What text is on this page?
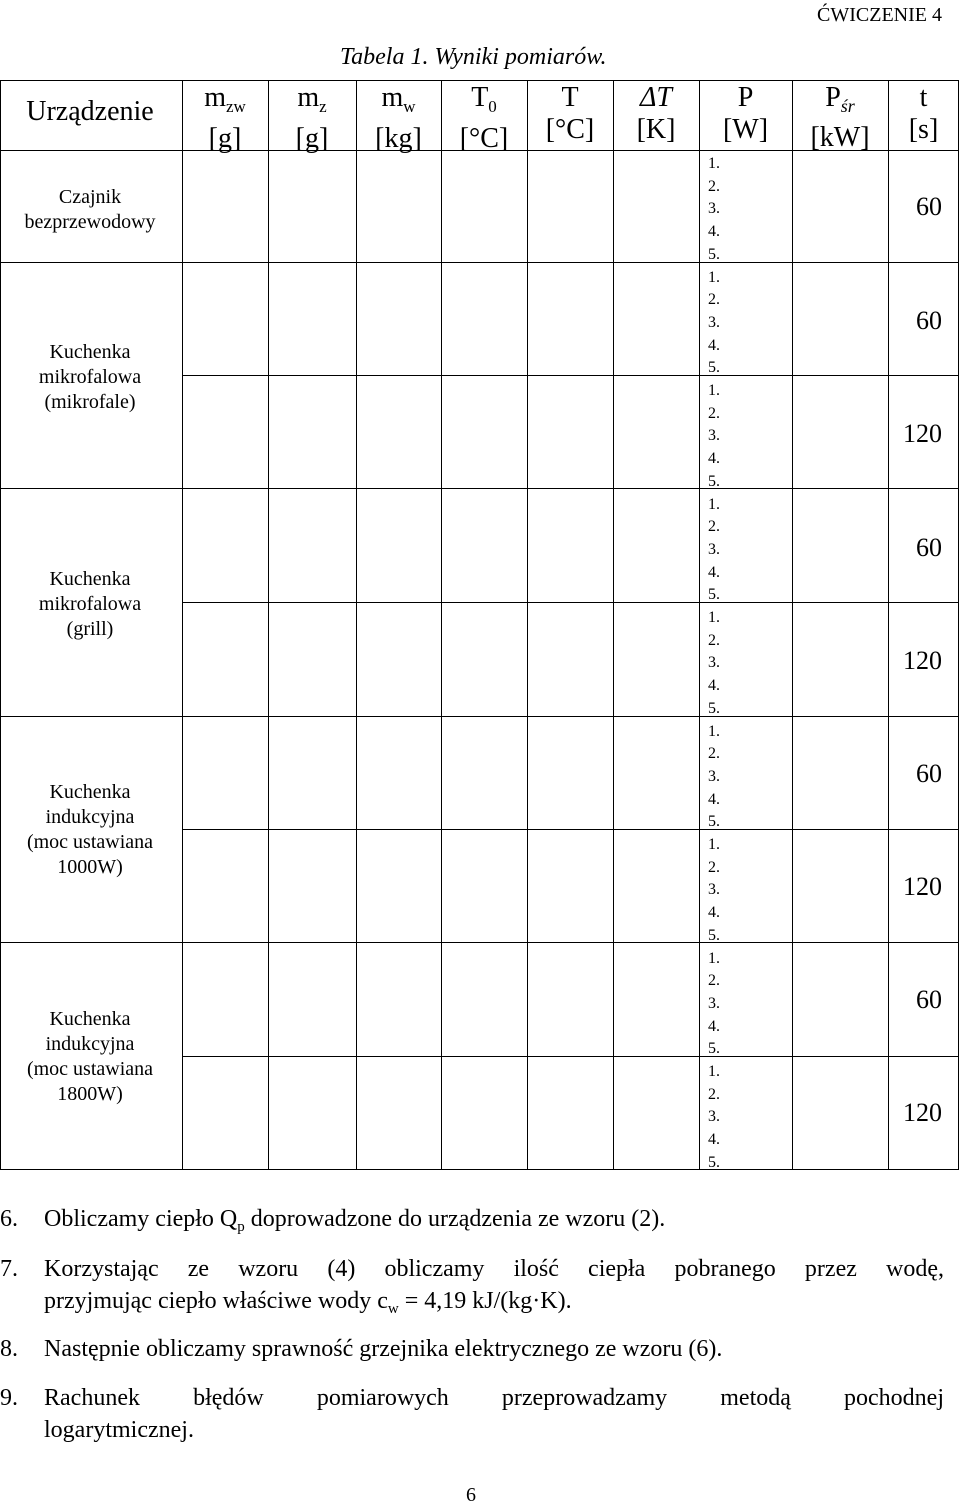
ĆWICZENIE 4
Tabela 1. Wyniki pomiarów.
Urządzenie	$m_{zw}$
[g]
$m_z$
[g]
$m_w$
[kg]
$T_0$
[°C]
T
[°C]
ΔT
[K]
P
[W]
$P_{śr}$
[kW]
t
[s]
Czajnik
bezprzewodowy
Kuchenka
mikrofalowa
(mikrofale)
Kuchenka
mikrofalowa
(grill)
Kuchenka
indukcyjna
(moc ustawiana
1000W)
Kuchenka
indukcyjna
(moc ustawiana
1800W)
1.
2.
3.
4.
5.
1.
2.
3.
4.
5.
1.
2.
3.
4.
5.
1.
2.
3.
4.
5.
1.
2.
3.
4.
5.
1.
2.
3.
4.
5.
1.
2.
3.
4.
5.
1.
2.
3.
4.
5.
1.
2.
3.
4.
5.
60
60
120
60
120
60
120
60
120
6. Obliczamy ciepło $Q_p$ doprowadzone do urządzenia ze wzoru (2).
7. Korzystając ze wzoru (4) obliczamy ilość ciepła pobranego przez wodę,
przyjmując ciepło właściwe wody $c_w = 4,19$ kJ/(kg·K).
8. Następnie obliczamy sprawność grzejnika elektrycznego ze wzoru (6).
9. Rachunek błędów pomiarowych przeprowadzamy metodą pochodnej
logarytmicznej.
6
